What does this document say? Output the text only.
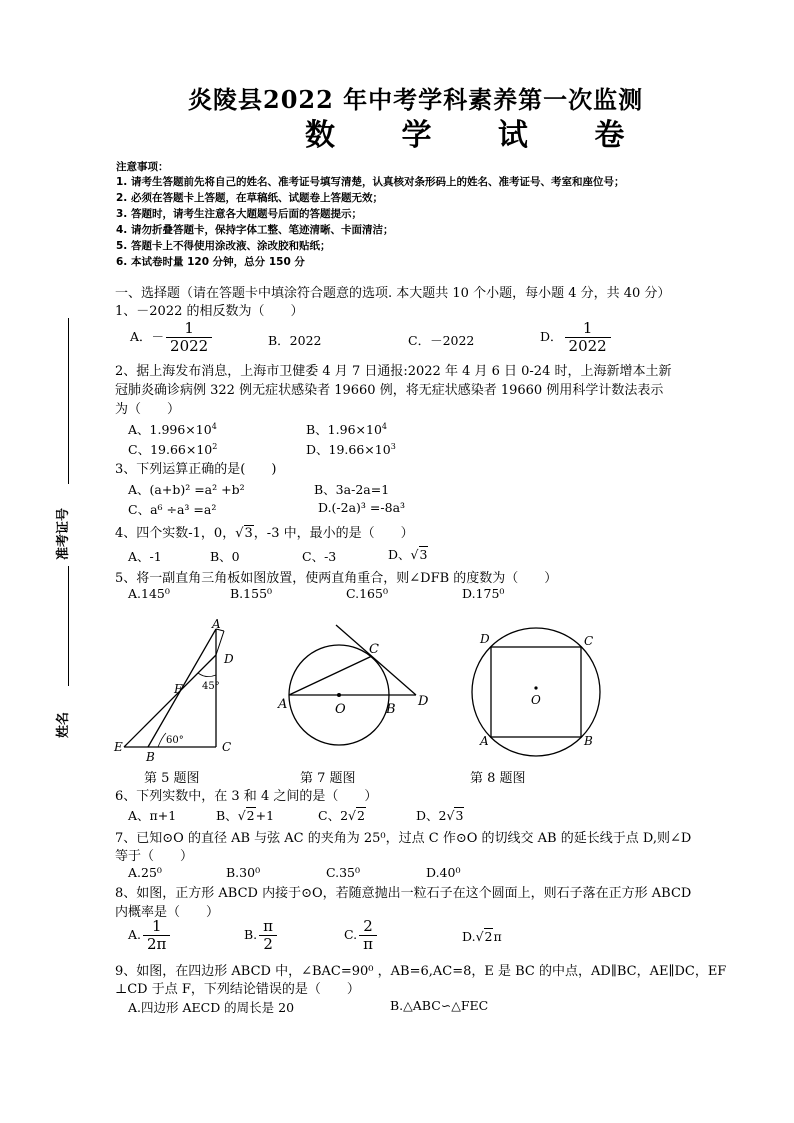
炎陵县2022 年中考学科素养第一次监测
数 学 试 卷
注意事项：
1. 请考生答题前先将自己的姓名、准考证号填写清楚，认真核对条形码上的姓名、准考证号、考室和座位号；
2. 必须在答题卡上答题，在草稿纸、试题卷上答题无效；
3. 答题时，请考生注意各大题题号后面的答题提示；
4. 请勿折叠答题卡，保持字体工整、笔迹清晰、卡面清洁；
5. 答题卡上不得使用涂改液、涂改胶和贴纸；
6. 本试卷时量 120 分钟，总分 150 分
准考证号
姓名
一、选择题（请在答题卡中填涂符合题意的选项. 本大题共 10 个小题，每小题 4 分，共 40 分）
1、－2022 的相反数为（　　）
A．－ $\frac{1}{2022}$	B．2022	C．－2022	D． $\frac{1}{2022}$
2、据上海发布消息，上海市卫健委 4 月 7 日通报:2022 年 4 月 6 日 0-24 时，上海新增本土新
冠肺炎确诊病例 322 例无症状感染者 19660 例，将无症状感染者 19660 例用科学计数法表示
为（　　）
A、$1.996\times 10^4$	B、$1.96\times 10^4$
C、$19.66\times 10^2$	D、$19.66\times 10^3$
3、下列运算正确的是(　　)
A、(a+b)² =a² +b²	B、3a-2a=1
C、a⁶ ÷a³ =a²	D.(-2a)³ =-8a³
4、四个实数-1，0，√3，-3 中，最小的是（　　）
A、-1	B、0	C、-3	D、√3
5、将一副直角三角板如图放置，使两直角重合，则∠DFB 的度数为（　　）
A.145⁰	B.155⁰	C.165⁰	D.175⁰
A
D
F 45°
60°
E
B
C
A	O	B
C
D
D	C
A	B
O
第 5 题图	第 7 题图	第 8 题图
6、下列实数中，在 3 和 4 之间的是（　　）
A、π+1	B、√2+1	C、2√2	D、2√3
7、已知⊙O 的直径 AB 与弦 AC 的夹角为 25⁰，过点 C 作⊙O 的切线交 AB 的延长线于点 D,则∠D
等于（　　）
A.25⁰	B.30⁰	C.35⁰	D.40⁰
8、如图，正方形 ABCD 内接于⊙O，若随意抛出一粒石子在这个圆面上，则石子落在正方形 ABCD
内概率是（　　）
A. $\frac{1}{2\pi}$	B. $\frac{\pi}{2}$	C. $\frac{2}{\pi}$	D.√2π
9、如图，在四边形 ABCD 中，∠BAC=90⁰ ，AB=6,AC=8，E 是 BC 的中点，AD∥BC，AE∥DC，EF
⊥CD 于点 F，下列结论错误的是（　　）
A.四边形 AECD 的周长是 20	B.△ABC∽△FEC
